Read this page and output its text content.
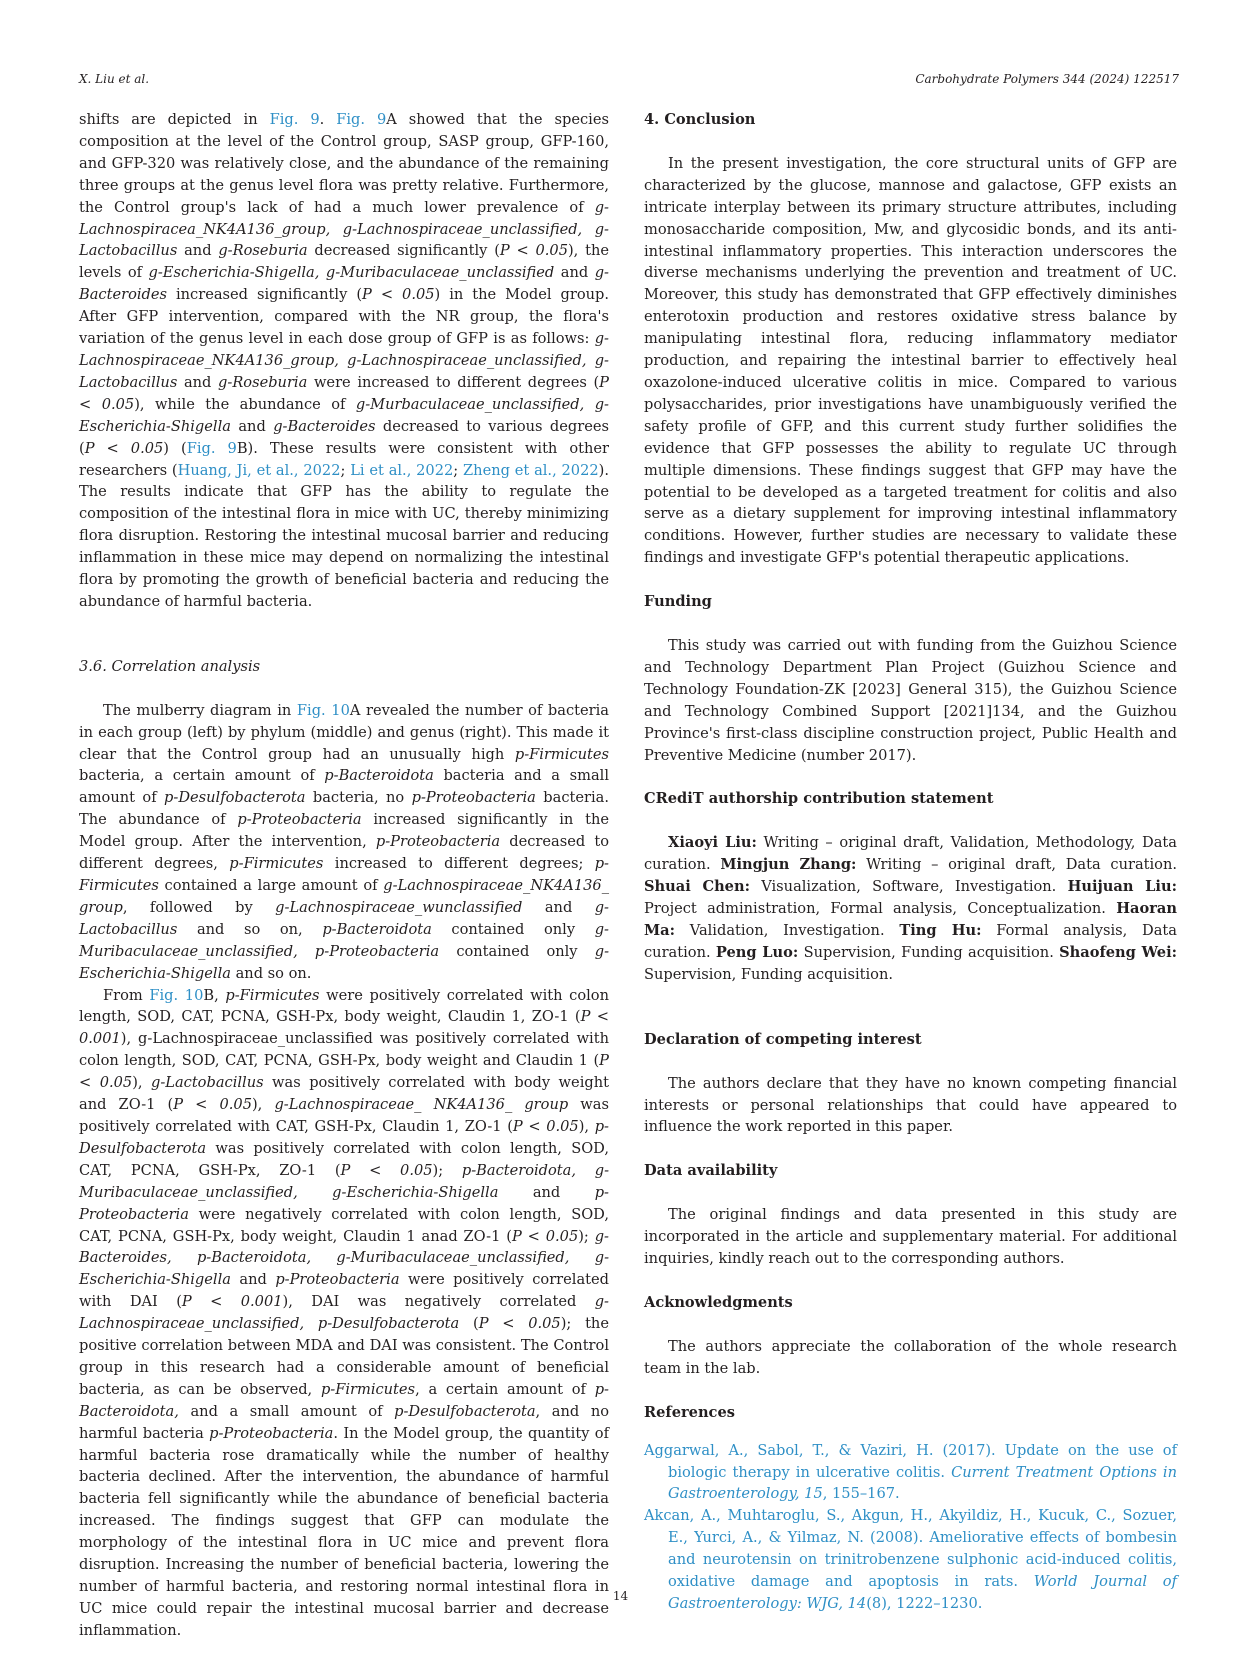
X. Liu et al.	Carbohydrate Polymers 344 (2024) 122517

shifts are depicted in Fig. 9. Fig. 9A showed that the species composition at the level of the Control group, SASP group, GFP-160, and GFP-320 was relatively close, and the abundance of the remaining three groups at the genus level flora was pretty relative. Furthermore, the Control group's lack of had a much lower prevalence of g-Lachnospiracea_NK4A136_group, g-Lachnospiraceae_unclassified, g-Lactobacillus and g-Roseburia decreased significantly (P < 0.05), the levels of g-Escherichia-Shigella, g-Muribaculaceae_unclassified and g-Bacteroides increased significantly (P < 0.05) in the Model group. After GFP intervention, compared with the NR group, the flora's variation of the genus level in each dose group of GFP is as follows: g-Lachnospiraceae_NK4A136_group, g-Lachnospiraceae_unclassified, g-Lactobacillus and g-Roseburia were increased to different degrees (P < 0.05), while the abundance of g-Murbaculaceae_unclassified, g-Escherichia-Shigella and g-Bacteroides decreased to various degrees (P < 0.05) (Fig. 9B). These results were consistent with other researchers (Huang, Ji, et al., 2022; Li et al., 2022; Zheng et al., 2022). The results indicate that GFP has the ability to regulate the composition of the intestinal flora in mice with UC, thereby minimizing flora disruption. Restoring the intestinal mucosal barrier and reducing inflammation in these mice may depend on normalizing the intestinal flora by promoting the growth of beneficial bacteria and reducing the abundance of harmful bacteria.

3.6. Correlation analysis

The mulberry diagram in Fig. 10A revealed the number of bacteria in each group (left) by phylum (middle) and genus (right). This made it clear that the Control group had an unusually high p-Firmicutes bacteria, a certain amount of p-Bacteroidota bacteria and a small amount of p-Desulfobacterota bacteria, no p-Proteobacteria bacteria. The abundance of p-Proteobacteria increased significantly in the Model group. After the intervention, p-Proteobacteria decreased to different degrees, p-Firmicutes increased to different degrees; p-Firmicutes contained a large amount of g-Lachnospiraceae_NK4A136_ group, followed by g-Lachnospiraceae_wunclassified and g-Lactobacillus and so on, p-Bacteroidota contained only g-Muribaculaceae_unclassified, p-Proteobacteria contained only g-Escherichia-Shigella and so on.

From Fig. 10B, p-Firmicutes were positively correlated with colon length, SOD, CAT, PCNA, GSH-Px, body weight, Claudin 1, ZO-1 (P < 0.001), g-Lachnospiraceae_unclassified was positively correlated with colon length, SOD, CAT, PCNA, GSH-Px, body weight and Claudin 1 (P < 0.05), g-Lactobacillus was positively correlated with body weight and ZO-1 (P < 0.05), g-Lachnospiraceae_ NK4A136_ group was positively correlated with CAT, GSH-Px, Claudin 1, ZO-1 (P < 0.05), p-Desulfobacterota was positively correlated with colon length, SOD, CAT, PCNA, GSH-Px, ZO-1 (P < 0.05); p-Bacteroidota, g-Muribaculaceae_unclassified, g-Escherichia-Shigella and p-Proteobacteria were negatively correlated with colon length, SOD, CAT, PCNA, GSH-Px, body weight, Claudin 1 anad ZO-1 (P < 0.05); g-Bacteroides, p-Bacteroidota, g-Muribaculaceae_unclassified, g-Escherichia-Shigella and p-Proteobacteria were positively correlated with DAI (P < 0.001), DAI was negatively correlated g-Lachnospiraceae_unclassified, p-Desulfobacterota (P < 0.05); the positive correlation between MDA and DAI was consistent. The Control group in this research had a considerable amount of beneficial bacteria, as can be observed, p-Firmicutes, a certain amount of p-Bacteroidota, and a small amount of p-Desulfobacterota, and no harmful bacteria p-Proteobacteria. In the Model group, the quantity of harmful bacteria rose dramatically while the number of healthy bacteria declined. After the intervention, the abundance of harmful bacteria fell significantly while the abundance of beneficial bacteria increased. The findings suggest that GFP can modulate the morphology of the intestinal flora in UC mice and prevent flora disruption. Increasing the number of beneficial bacteria, lowering the number of harmful bacteria, and restoring normal intestinal flora in UC mice could repair the intestinal mucosal barrier and decrease inflammation.

4. Conclusion

In the present investigation, the core structural units of GFP are characterized by the glucose, mannose and galactose, GFP exists an intricate interplay between its primary structure attributes, including monosaccharide composition, Mw, and glycosidic bonds, and its anti-intestinal inflammatory properties. This interaction underscores the diverse mechanisms underlying the prevention and treatment of UC. Moreover, this study has demonstrated that GFP effectively diminishes enterotoxin production and restores oxidative stress balance by manipulating intestinal flora, reducing inflammatory mediator production, and repairing the intestinal barrier to effectively heal oxazolone-induced ulcerative colitis in mice. Compared to various polysaccharides, prior investigations have unambiguously verified the safety profile of GFP, and this current study further solidifies the evidence that GFP possesses the ability to regulate UC through multiple dimensions. These findings suggest that GFP may have the potential to be developed as a targeted treatment for colitis and also serve as a dietary supplement for improving intestinal inflammatory conditions. However, further studies are necessary to validate these findings and investigate GFP's potential therapeutic applications.

Funding

This study was carried out with funding from the Guizhou Science and Technology Department Plan Project (Guizhou Science and Technology Foundation-ZK [2023] General 315), the Guizhou Science and Technology Combined Support [2021]134, and the Guizhou Province's first-class discipline construction project, Public Health and Preventive Medicine (number 2017).

CRediT authorship contribution statement

Xiaoyi Liu: Writing – original draft, Validation, Methodology, Data curation. Mingjun Zhang: Writing – original draft, Data curation. Shuai Chen: Visualization, Software, Investigation. Huijuan Liu: Project administration, Formal analysis, Conceptualization. Haoran Ma: Validation, Investigation. Ting Hu: Formal analysis, Data curation. Peng Luo: Supervision, Funding acquisition. Shaofeng Wei: Supervision, Funding acquisition.

Declaration of competing interest

The authors declare that they have no known competing financial interests or personal relationships that could have appeared to influence the work reported in this paper.

Data availability

The original findings and data presented in this study are incorporated in the article and supplementary material. For additional inquiries, kindly reach out to the corresponding authors.

Acknowledgments

The authors appreciate the collaboration of the whole research team in the lab.

References

Aggarwal, A., Sabol, T., & Vaziri, H. (2017). Update on the use of biologic therapy in ulcerative colitis. Current Treatment Options in Gastroenterology, 15, 155–167.

Akcan, A., Muhtaroglu, S., Akgun, H., Akyildiz, H., Kucuk, C., Sozuer, E., Yurci, A., & Yilmaz, N. (2008). Ameliorative effects of bombesin and neurotensin on trinitrobenzene sulphonic acid-induced colitis, oxidative damage and apoptosis in rats. World Journal of Gastroenterology: WJG, 14(8), 1222–1230.

14
